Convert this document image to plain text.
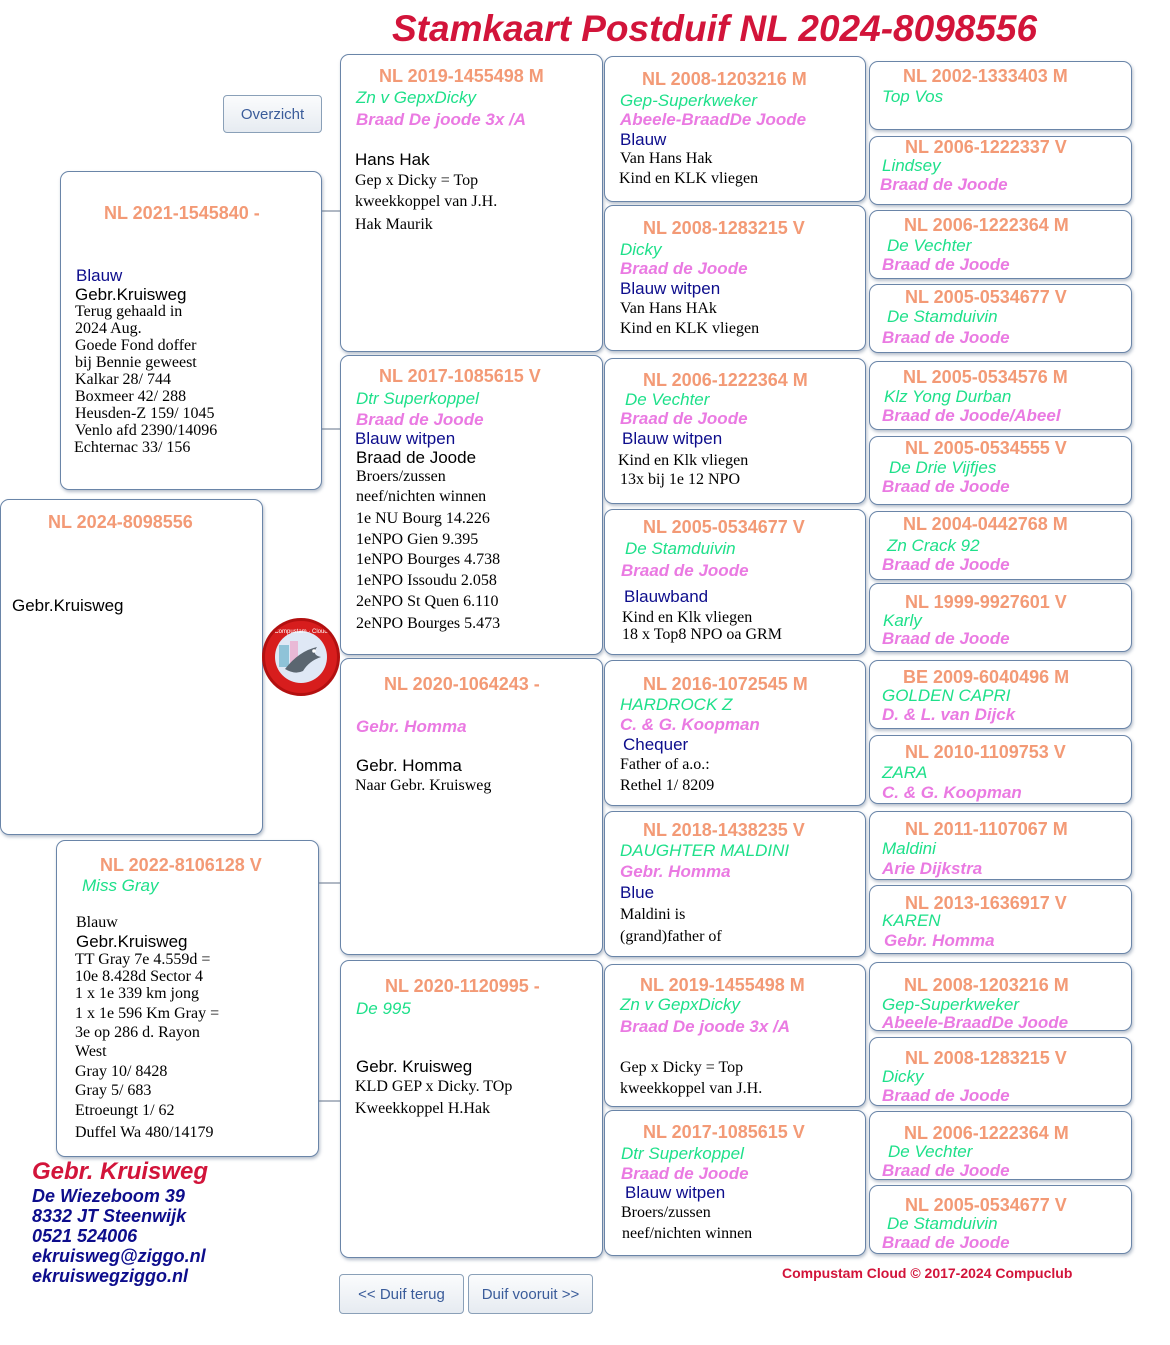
Stamkaart Postduif NL 2024-8098556
Overzicht
<< Duif terug	Duif vooruit >>
NL 2024-8098556
Gebr.Kruisweg
NL 2021-1545840 -
Blauw
Gebr.Kruisweg
Terug gehaald in
2024 Aug.
Goede Fond doffer
bij Bennie geweest
Kalkar 28/ 744
Boxmeer 42/ 288
Heusden-Z 159/ 1045
Venlo afd 2390/14096
Echternac 33/ 156
NL 2022-8106128 V
Miss Gray
Blauw
Gebr.Kruisweg
TT Gray 7e 4.559d =
10e 8.428d Sector 4
1 x 1e 339 km jong
1 x 1e 596 Km Gray =
3e op 286 d. Rayon
West
Gray 10/ 8428
Gray 5/ 683
Etroeungt 1/ 62
Duffel Wa 480/14179
NL 2019-1455498 M
Zn v GepxDicky
Braad De joode 3x /A
Hans Hak
Gep x Dicky = Top
kweekkoppel van J.H.
Hak Maurik
NL 2017-1085615 V
Dtr Superkoppel
Braad de Joode
Blauw witpen
Braad de Joode
Broers/zussen
neef/nichten winnen
1e NU Bourg 14.226
1eNPO Gien 9.395
1eNPO Bourges 4.738
1eNPO Issoudu 2.058
2eNPO St Quen 6.110
2eNPO Bourges 5.473
NL 2020-1064243 -
Gebr. Homma
Gebr. Homma
Naar Gebr. Kruisweg
NL 2020-1120995 -
De 995
Gebr. Kruisweg
KLD GEP x Dicky. TOp
Kweekkoppel H.Hak
NL 2008-1203216 M
Gep-Superkweker
Abeele-BraadDe Joode
Blauw
Van Hans Hak
Kind en KLK vliegen
NL 2008-1283215 V
Dicky
Braad de Joode
Blauw witpen
Van Hans HAk
Kind en KLK vliegen
NL 2006-1222364 M
De Vechter
Braad de Joode
Blauw witpen
Kind en Klk vliegen
13x bij 1e 12 NPO
NL 2005-0534677 V
De Stamduivin
Braad de Joode
Blauwband
Kind en Klk vliegen
18 x Top8 NPO oa GRM
NL 2016-1072545 M
HARDROCK Z
C. & G. Koopman
Chequer
Father of a.o.:
Rethel 1/ 8209
NL 2018-1438235 V
DAUGHTER MALDINI
Gebr. Homma
Blue
Maldini is
(grand)father of
NL 2019-1455498 M
Zn v GepxDicky
Braad De joode 3x /A
Gep x Dicky = Top
kweekkoppel van J.H.
NL 2017-1085615 V
Dtr Superkoppel
Braad de Joode
Blauw witpen
Broers/zussen
neef/nichten winnen
NL 2002-1333403 M
Top Vos
NL 2006-1222337 V
Lindsey
Braad de Joode
NL 2006-1222364 M
De Vechter
Braad de Joode
NL 2005-0534677 V
De Stamduivin
Braad de Joode
NL 2005-0534576 M
Klz Yong Durban
Braad de Joode/Abeel
NL 2005-0534555 V
De Drie Vijfjes
Braad de Joode
NL 2004-0442768 M
Zn Crack 92
Braad de Joode
NL 1999-9927601 V
Karly
Braad de Joode
BE 2009-6040496 M
GOLDEN CAPRI
D. & L. van Dijck
NL 2010-1109753 V
ZARA
C. & G. Koopman
NL 2011-1107067 M
Maldini
Arie Dijkstra
NL 2013-1636917 V
KAREN
Gebr. Homma
NL 2008-1203216 M
Gep-Superkweker
Abeele-BraadDe Joode
NL 2008-1283215 V
Dicky
Braad de Joode
NL 2006-1222364 M
De Vechter
Braad de Joode
NL 2005-0534677 V
De Stamduivin
Braad de Joode
Compustam · Cloud
Gebr. Kruisweg
De Wiezeboom 39
8332 JT Steenwijk
0521 524006
ekruisweg@ziggo.nl
ekruiswegziggo.nl	Compustam Cloud © 2017-2024 Compuclub
